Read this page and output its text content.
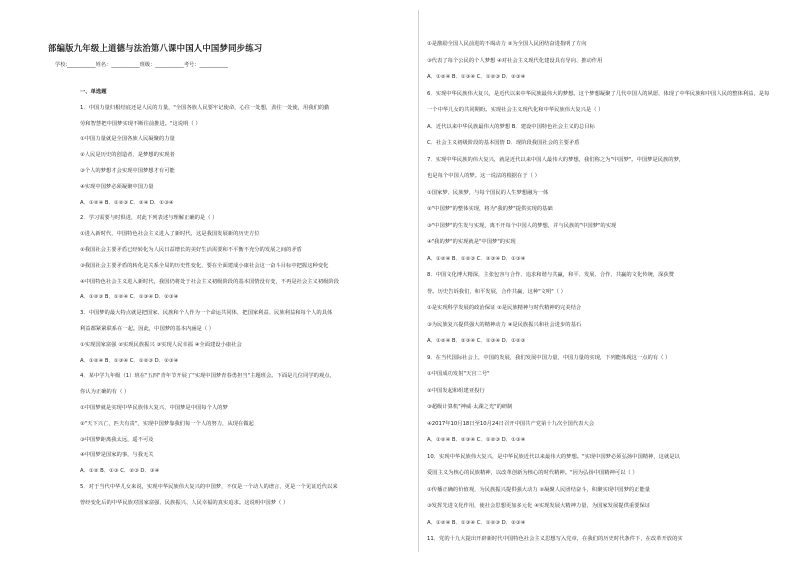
部编版九年级上道德与法治第八课中国人中国梦同步练习
学校:___________姓名：___________班级：___________考号：___________
一、单选题
1．中国力量归根结底还是人民的力量，"全国各族人民要牢记使命，心往一处想，劲往一处使，用我们的勤
劳和智慧把中国梦实现不断往前推进。"这说明（ ）
①中国力量就是全国各族人民凝聚的力量
②人民是历史的创造者，是梦想的实现者
③个人的梦想才会实现中国梦想才有可能
④实现中国梦必须凝聚中国力量
A．①②④ B．①②③ C．②④ D．①③④
2．学习需要与时俱进，对此下列表述与理解正确的是（ ）
①进入新时代，中国特色社会主义进入了新时代，这是我国发展新的历史方位
②我国社会主要矛盾已经转化为人民日益增长的美好生活需要和不平衡不充分的发展之间的矛盾
③我国社会主要矛盾的转化是关系全局的历史性变化，要在全面建成小康社会这一奋斗目标中把握这种变化
④中国特色社会主义进入新时代，我国仍将处于社会主义初级阶段的基本国情没有变，不再是社会主义初级阶段
A．①②③ B．①②④ C．①③④ D．②③④
3．中国梦的最大特点就是把国家、民族和个人作为一个命运共同体，把国家利益、民族利益和每个人的具体
利益都紧紧联系在一起。因此，中国梦的基本内涵是（ ）
①实现国家富强 ②实现民族振兴 ③实现人民幸福 ④全面建设小康社会
A．①②④ B．①③④ C．①②③ D．②③④
4．某中学九年级（1）班在"五四"青年节开展了"实现中国梦青春勇担当"主题班会。下面是几位同学的观点，
你认为正确的有（ ）
①中国梦就是实现中华民族伟大复兴，中国梦是中国每个人的梦
②"天下兴亡，匹夫有责"，实现中国梦靠我们每一个人的努力，从现在做起
③中国梦距离我太远，遥不可及
④中国梦是国家的事，与我无关
A．①② B．①③ C．②③ D．③④
5．对于当代中华儿女来说，实现中华民族伟大复兴的中国梦，不仅是一个动人的谱言，更是一个见证近代以来
曾经变化后的中华民族对国家富强、民族振兴、人民幸福的真实追求。这说明中国梦（ ）
①是激励全国人民前进的不竭动力 ②为全国人民团结奋进指明了方向
③代表了每个公民的个人梦想 ④对社会主义现代化建设具有导向、推动作用
A．①②④ B．①③④ C．①②③ D．②③④
6．实现中华民族伟大复兴，是近代以来中华民族最伟大的梦想。这个梦想凝聚了几代中国人的夙愿，体现了中华民族和中国人民的整体利益，是每
一个中华儿女的共同期盼。实现社会主义现代化和中华民族伟大复兴是（ ）
A．近代以来中华民族最伟大的梦想 B．建设中国特色社会主义的总目标
C．社会主义初级阶段的基本国情 D．现阶段我国社会的主要矛盾
7．实现中华民族的伟大复兴，就是近代以来中国人最伟大的梦想，我们称之为"中国梦"。中国梦是民族的梦，
也是每个中国人的梦。这一说法的根据在于（ ）
①国家梦、民族梦，与每个国民的人生梦想融为一体
②"中国梦"的整体实现，将为"我的梦"提供实现的基础
③"中国梦"的生发与实现，离不开每个中国人的梦想，并与民族的"中国梦"的实现
④"我的梦"的实现就是"中国梦"的实现
A．①②④ B．①②③ C．②③④ D．①③④
8．中国文化博大精深，主张包容与合作、追求和谐与共赢，和平、发展、合作、共赢的文化传统，深获赞
誉。历史告诉我们，和平发展，合作共赢，这种"文明"（ ）
①是实现科学发展的政治保证 ②是民族精神与时代精神的完美结合
③为民族复兴提供强大的精神动力 ④是民族振兴和社会进步的基石
A．①②④ B．②③④ C．①③④ D．①②③
9．在当代国际社会上，中国的发展，我们发展中国力量，中国力量的实现，下列能体现这一点的有（ ）
①中国成功发射"天宫二号"
②中国发起和组建亚投行
③超级计算机"神威·太湖之光"的研制
④2017年10月18日至10月24日召开中国共产党第十九次全国代表大会
A．①②④ B．②③④ C．①②③ D．①③④
10．实现中华民族伟大复兴，是中华民族近代以来最伟大的梦想。"实现中国梦必须弘扬中国精神，这就是以
爱国主义为核心的民族精神，以改革创新为核心的时代精神。"因为弘扬中国精神可以（ ）
①传播正确的价值观，为民族振兴提供强大动力 ②凝聚人民团结奋斗，积聚实现中国梦的正能量
③发挥先进文化作用，使社会思想更加多元化 ④实现发展大精神力量，为国家发展提供重要保证
A．①②④ B．①③④ C．①②③ D．②③④
11．党的十九大提出开辟新时代中国特色社会主义思想写入党章，在我们的历史时代条件下，在改革开放的实
